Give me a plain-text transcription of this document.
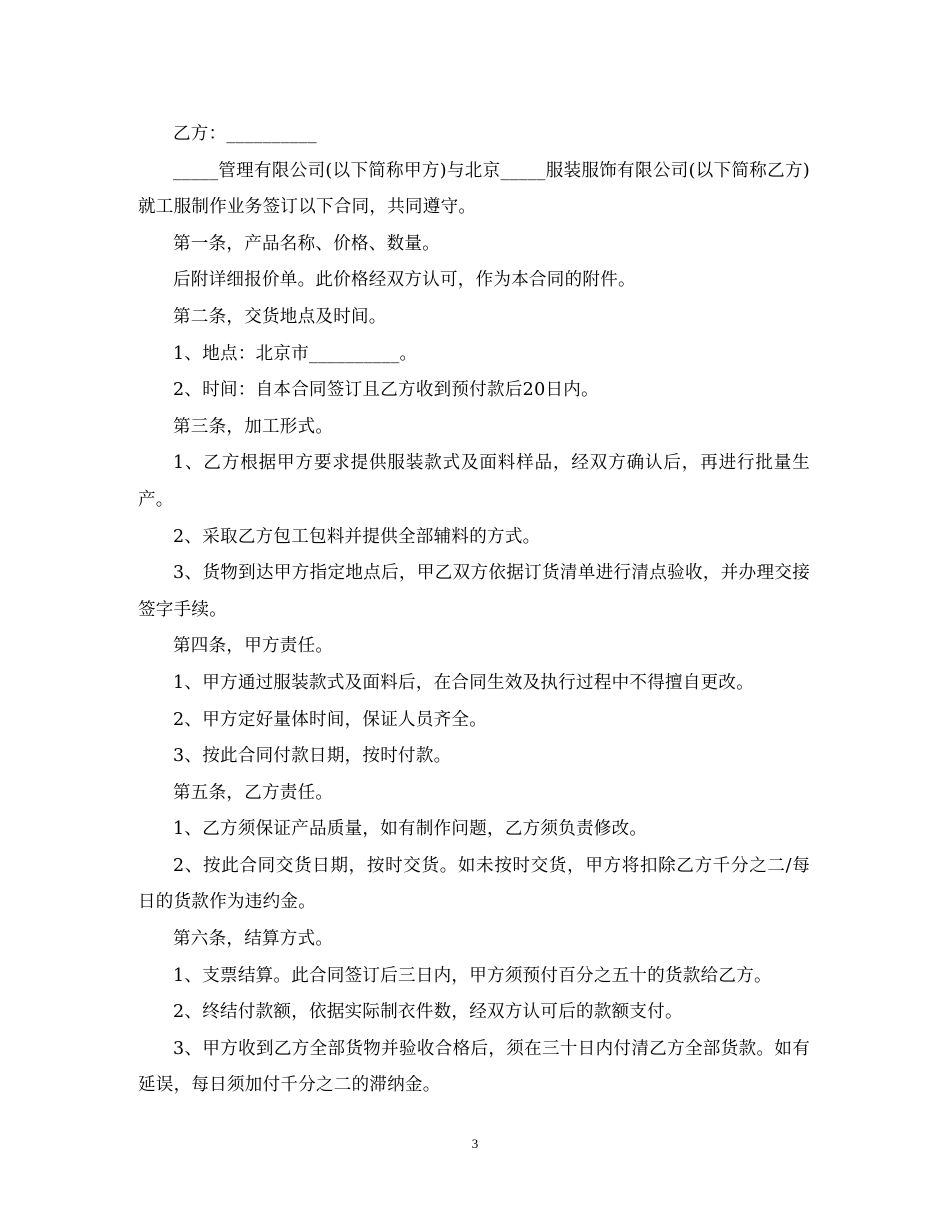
乙方：__________

_____管理有限公司(以下简称甲方)与北京_____服装服饰有限公司(以下简称乙方)就工服制作业务签订以下合同，共同遵守。

第一条，产品名称、价格、数量。

后附详细报价单。此价格经双方认可，作为本合同的附件。

第二条，交货地点及时间。

1、地点：北京市__________。

2、时间：自本合同签订且乙方收到预付款后20日内。

第三条，加工形式。

1、乙方根据甲方要求提供服装款式及面料样品，经双方确认后，再进行批量生产。

2、采取乙方包工包料并提供全部辅料的方式。

3、货物到达甲方指定地点后，甲乙双方依据订货清单进行清点验收，并办理交接签字手续。

第四条，甲方责任。

1、甲方通过服装款式及面料后，在合同生效及执行过程中不得擅自更改。

2、甲方定好量体时间，保证人员齐全。

3、按此合同付款日期，按时付款。

第五条，乙方责任。

1、乙方须保证产品质量，如有制作问题，乙方须负责修改。

2、按此合同交货日期，按时交货。如未按时交货，甲方将扣除乙方千分之二/每日的货款作为违约金。

第六条，结算方式。

1、支票结算。此合同签订后三日内，甲方须预付百分之五十的货款给乙方。

2、终结付款额，依据实际制衣件数，经双方认可后的款额支付。

3、甲方收到乙方全部货物并验收合格后，须在三十日内付清乙方全部货款。如有延误，每日须加付千分之二的滞纳金。

3
